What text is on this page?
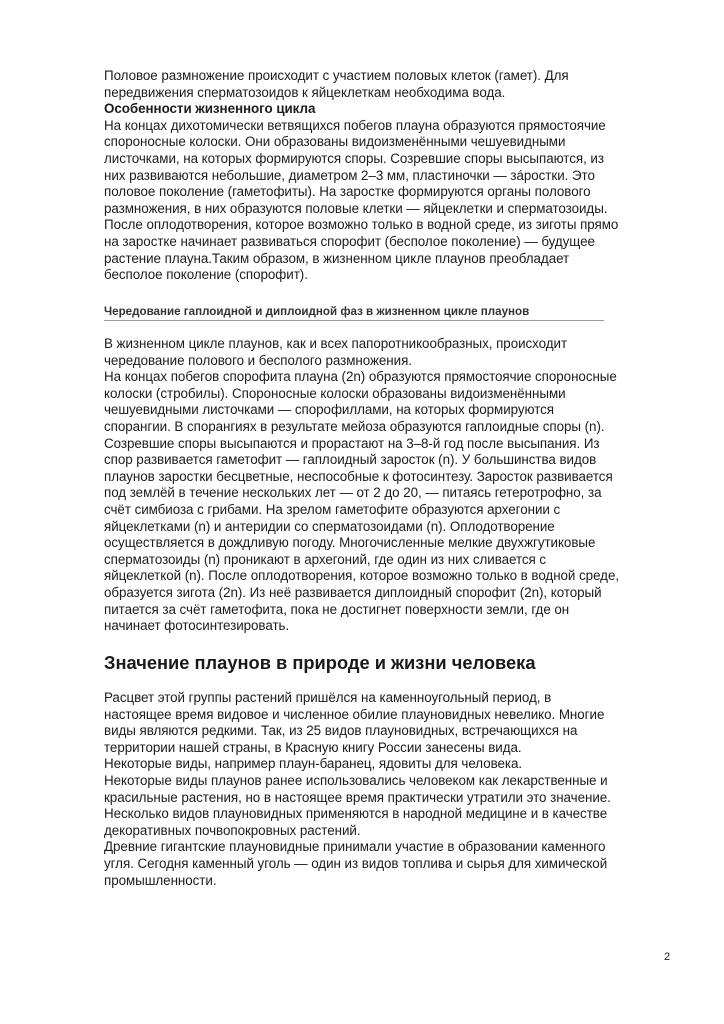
Половое размножение происходит с участием половых клеток (гамет). Для

передвижения сперматозоидов к яйцеклеткам необходима вода.

Особенности жизненного цикла

На концах дихотомически ветвящихся побегов плауна образуются прямостоячие

спороносные колоски. Они образованы видоизменёнными чешуевидными

листочками, на которых формируются споры. Созревшие споры высыпаются, из

них развиваются небольшие, диаметром 2–3 мм, пластиночки — зáростки. Это

половое поколение (гаметофиты). На заростке формируются органы полового

размножения, в них образуются половые клетки — яйцеклетки и сперматозоиды.

После оплодотворения, которое возможно только в водной среде, из зиготы прямо

на заростке начинает развиваться спорофит (бесполое поколение) — будущее

растение плауна.Таким образом, в жизненном цикле плаунов преобладает

бесполое поколение (спорофит).

Чередование гаплоидной и диплоидной фаз в жизненном цикле плаунов

В жизненном цикле плаунов, как и всех папоротникообразных, происходит

чередование полового и бесполого размножения.

На концах побегов спорофита плауна (2n) образуются прямостоячие спороносные

колоски (стробилы). Спороносные колоски образованы видоизменёнными

чешуевидными листочками — спорофиллами, на которых формируются

спорангии. В спорангиях в результате мейоза образуются гаплоидные споры (n).

Созревшие споры высыпаются и прорастают на 3–8-й год после высыпания. Из

спор развивается гаметофит — гаплоидный заросток (n). У большинства видов

плаунов заростки бесцветные, неспособные к фотосинтезу. Заросток развивается

под землёй в течение нескольких лет — от 2 до 20, — питаясь гетеротрофно, за

счёт симбиоза с грибами. На зрелом гаметофите образуются архегонии с

яйцеклетками (n) и антеридии со сперматозоидами (n). Оплодотворение

осуществляется в дождливую погоду. Многочисленные мелкие двухжгутиковые

сперматозоиды (n) проникают в архегоний, где один из них сливается с

яйцеклеткой (n). После оплодотворения, которое возможно только в водной среде,

образуется зигота (2n). Из неё развивается диплоидный спорофит (2n), который

питается за счёт гаметофита, пока не достигнет поверхности земли, где он

начинает фотосинтезировать.

Значение плаунов в природе и жизни человека

Расцвет этой группы растений пришёлся на каменноугольный период, в

настоящее время видовое и численное обилие плауновидных невелико. Многие

виды являются редкими. Так, из 25 видов плауновидных, встречающихся на

территории нашей страны, в Красную книгу России занесены вида.

Некоторые виды, например плаун-баранец, ядовиты для человека.

Некоторые виды плаунов ранее использовались человеком как лекарственные и

красильные растения, но в настоящее время практически утратили это значение.

Несколько видов плауновидных применяются в народной медицине и в качестве

декоративных почвопокровных растений.

Древние гигантские плауновидные принимали участие в образовании каменного

угля. Сегодня каменный уголь — один из видов топлива и сырья для химической

промышленности.

2
